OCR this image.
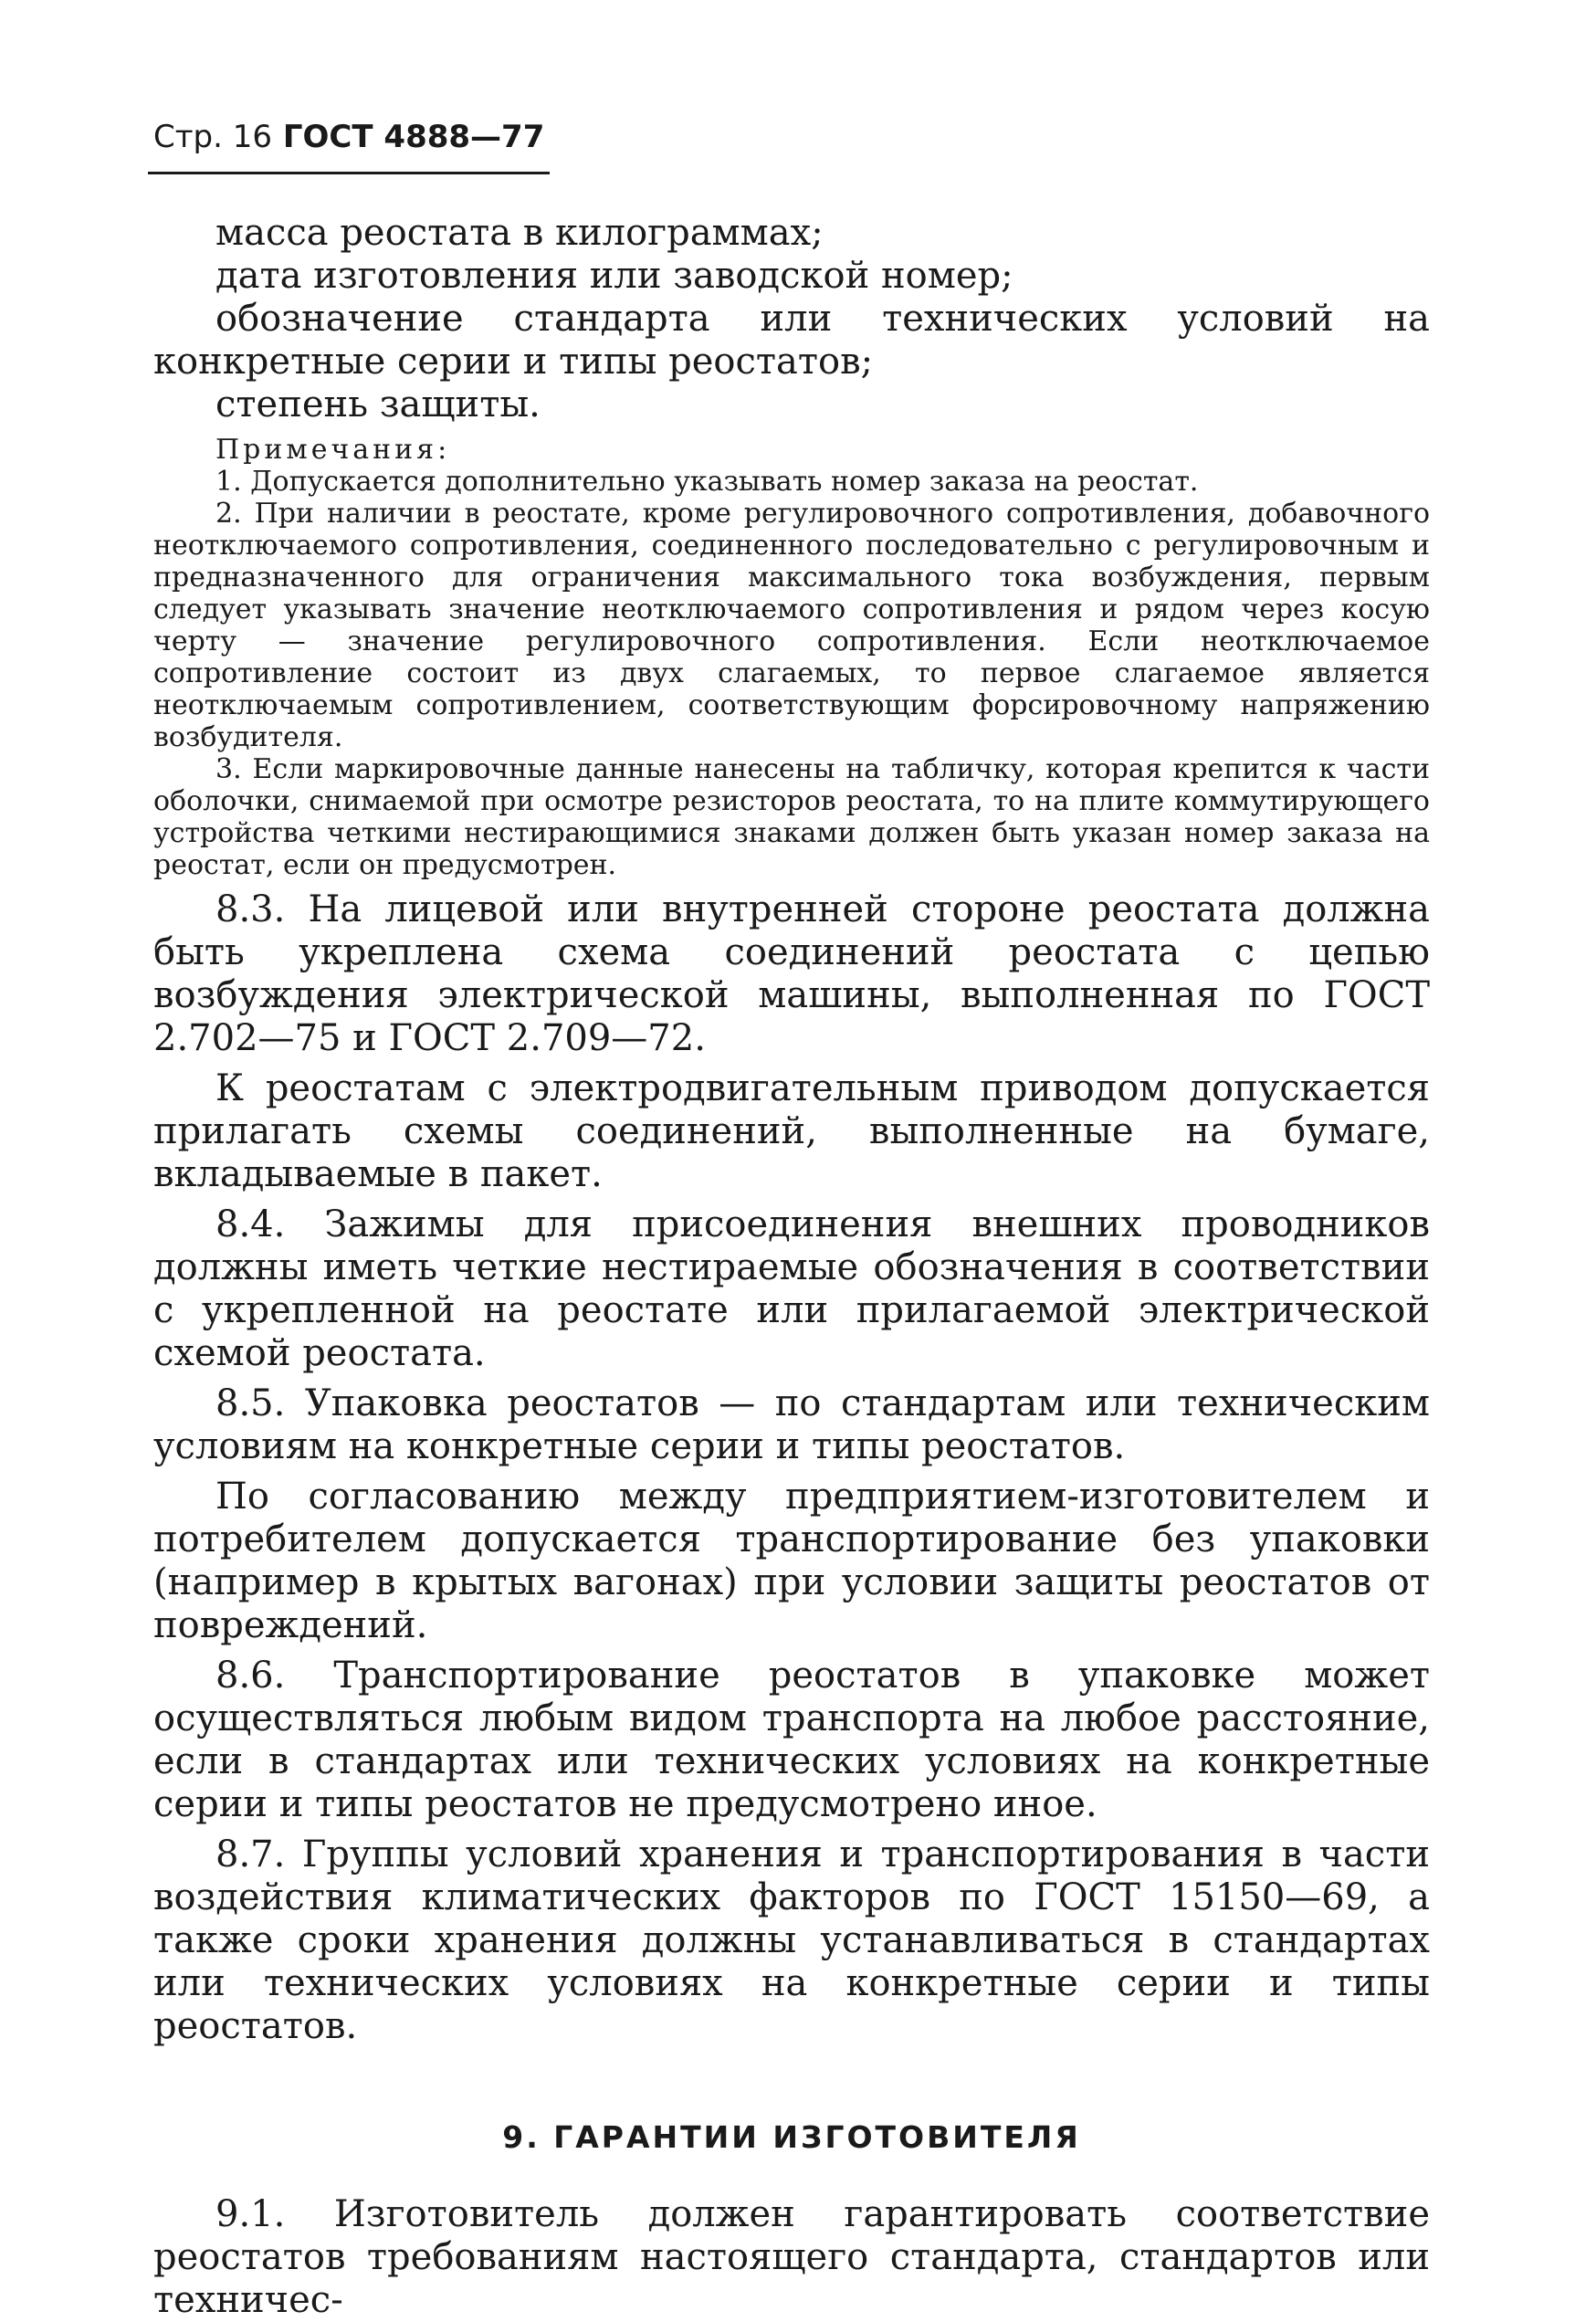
Стр. 16 ГОСТ 4888—77

масса реостата в килограммах;

дата изготовления или заводской номер;

обозначение стандарта или технических условий на конкретные серии и типы реостатов;

степень защиты.

Примечания:

1. Допускается дополнительно указывать номер заказа на реостат.

2. При наличии в реостате, кроме регулировочного сопротивления, добавочного неотключаемого сопротивления, соединенного последовательно с регулировочным и предназначенного для ограничения максимального тока возбуждения, первым следует указывать значение неотключаемого сопротивления и рядом через косую черту — значение регулировочного сопротивления. Если неотключаемое сопротивление состоит из двух слагаемых, то первое слагаемое является неотключаемым сопротивлением, соответствующим форсировочному напряжению возбудителя.

3. Если маркировочные данные нанесены на табличку, которая крепится к части оболочки, снимаемой при осмотре резисторов реостата, то на плите коммутирующего устройства четкими нестирающимися знаками должен быть указан номер заказа на реостат, если он предусмотрен.

8.3. На лицевой или внутренней стороне реостата должна быть укреплена схема соединений реостата с цепью возбуждения электрической машины, выполненная по ГОСТ 2.702—75 и ГОСТ 2.709—72.

К реостатам с электродвигательным приводом допускается прилагать схемы соединений, выполненные на бумаге, вкладываемые в пакет.

8.4. Зажимы для присоединения внешних проводников должны иметь четкие нестираемые обозначения в соответствии с укрепленной на реостате или прилагаемой электрической схемой реостата.

8.5. Упаковка реостатов — по стандартам или техническим условиям на конкретные серии и типы реостатов.

По согласованию между предприятием-изготовителем и потребителем допускается транспортирование без упаковки (например в крытых вагонах) при условии защиты реостатов от повреждений.

8.6. Транспортирование реостатов в упаковке может осуществляться любым видом транспорта на любое расстояние, если в стандартах или технических условиях на конкретные серии и типы реостатов не предусмотрено иное.

8.7. Группы условий хранения и транспортирования в части воздействия климатических факторов по ГОСТ 15150—69, а также сроки хранения должны устанавливаться в стандартах или технических условиях на конкретные серии и типы реостатов.

9. ГАРАНТИИ ИЗГОТОВИТЕЛЯ

9.1. Изготовитель должен гарантировать соответствие реостатов требованиям настоящего стандарта, стандартов или техничес-
